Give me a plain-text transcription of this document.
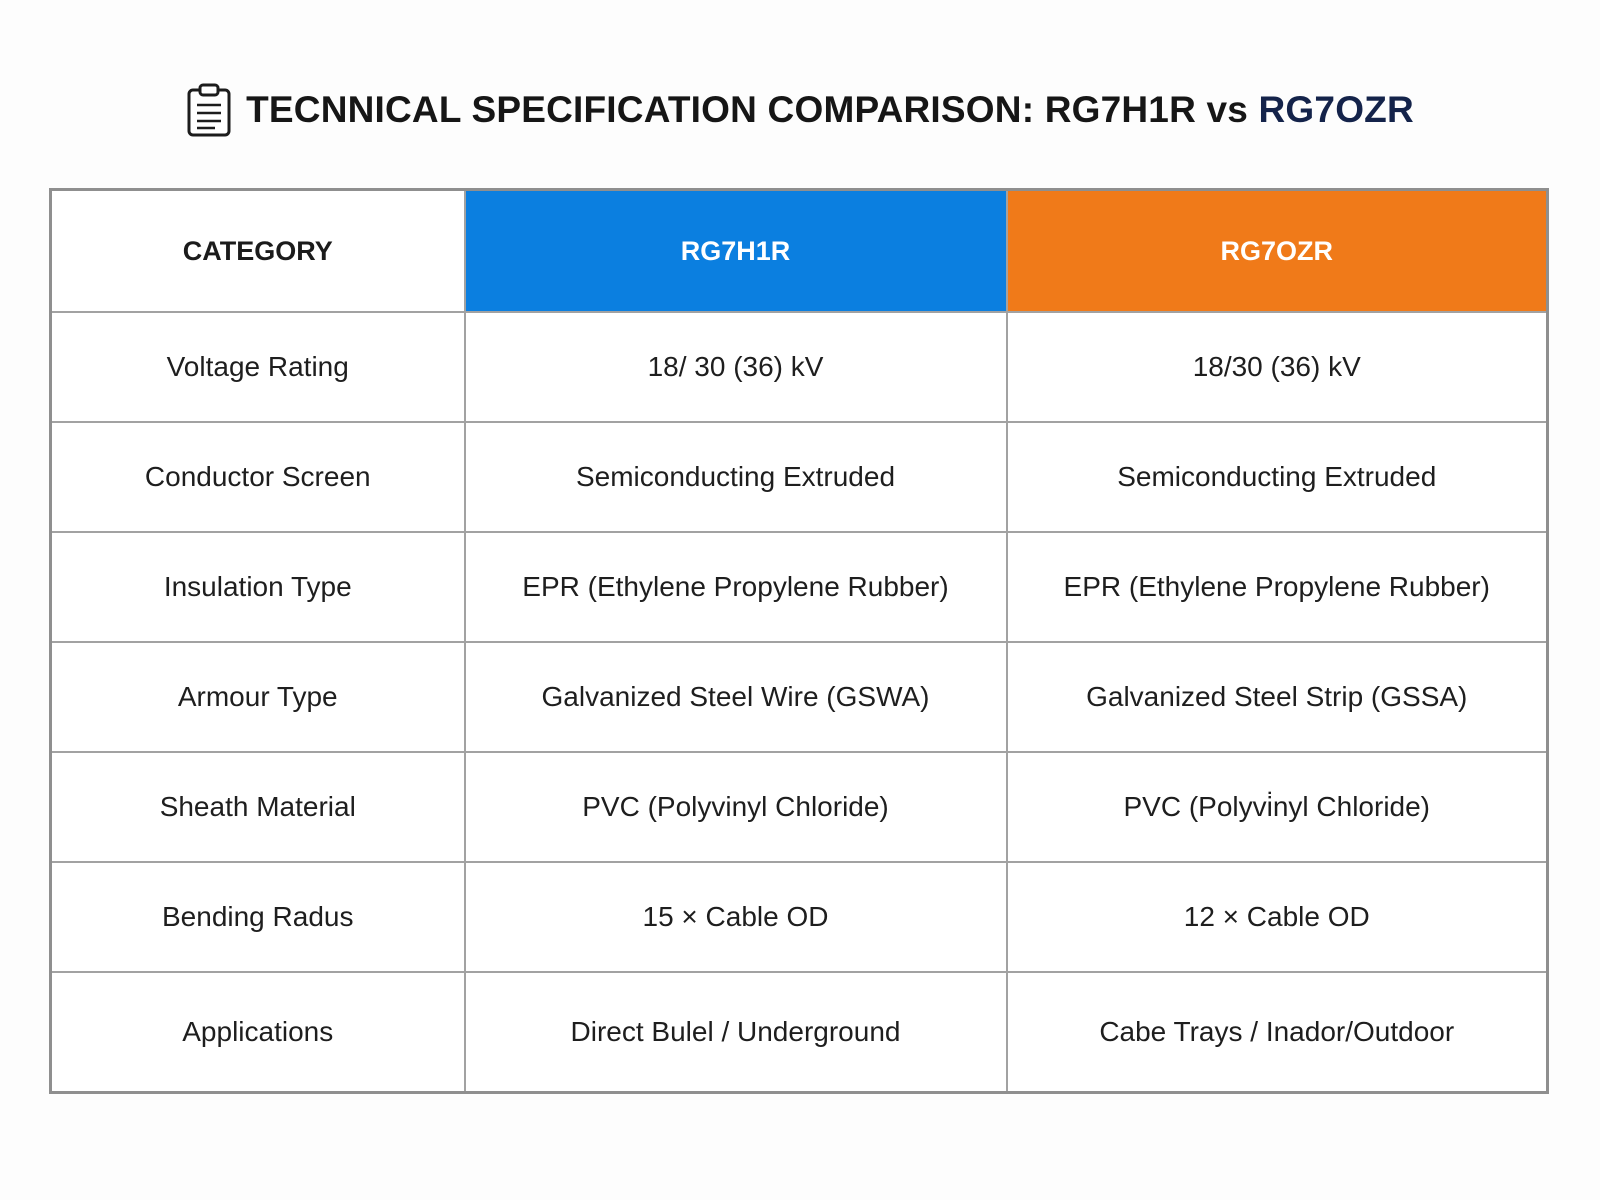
TECNNICAL SPECIFICATION COMPARISON: RG7H1R vs RG7OZR
CATEGORY	RG7H1R	RG7OZR
Voltage Rating	18/ 30 (36) kV	18/30 (36) kV
Conductor Screen	Semiconducting Extruded	Semiconducting Extruded
Insulation Type	EPR (Ethylene Propylene Rubber)	EPR (Ethylene Propylene Rubber)
Armour Type	Galvanized Steel Wire (GSWA)	Galvanized Steel Strip (GSSA)
Sheath Material	PVC (Polyvinyl Chloride)	PVC (Polyvi̇nyl Chloride)
Bending Radus	15 × Cable OD	12 × Cable OD
Applications	Direct Bulel / Underground	Cabe Trays / Inador/Outdoor
